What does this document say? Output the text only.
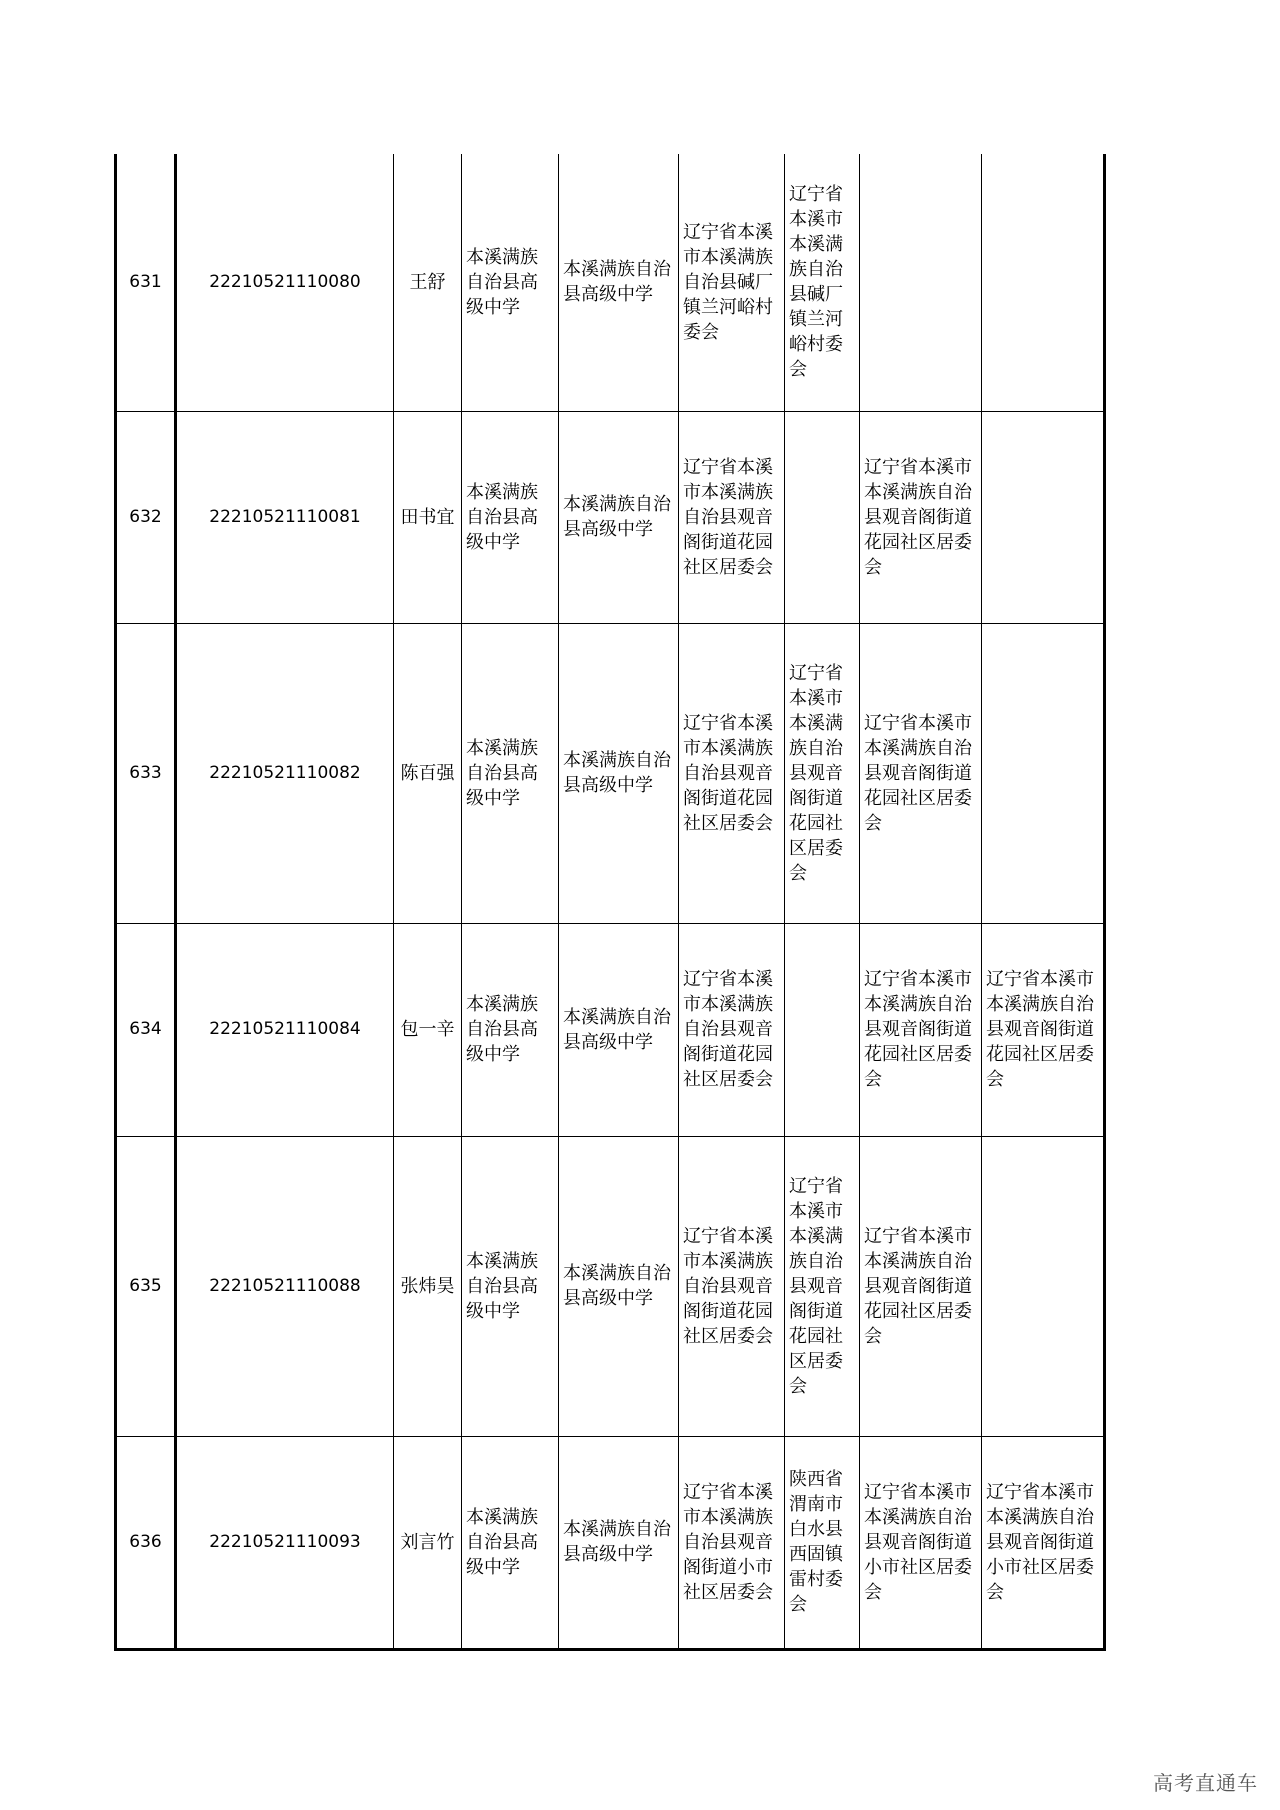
631	22210521110080	王舒	本溪满族自治县高级中学	本溪满族自治县高级中学	辽宁省本溪市本溪满族自治县碱厂镇兰河峪村委会	辽宁省本溪市本溪满族自治县碱厂镇兰河峪村委会		
632	22210521110081	田书宜	本溪满族自治县高级中学	本溪满族自治县高级中学	辽宁省本溪市本溪满族自治县观音阁街道花园社区居委会		辽宁省本溪市本溪满族自治县观音阁街道花园社区居委会	
633	22210521110082	陈百强	本溪满族自治县高级中学	本溪满族自治县高级中学	辽宁省本溪市本溪满族自治县观音阁街道花园社区居委会	辽宁省本溪市本溪满族自治县观音阁街道花园社区居委会	辽宁省本溪市本溪满族自治县观音阁街道花园社区居委会	
634	22210521110084	包一辛	本溪满族自治县高级中学	本溪满族自治县高级中学	辽宁省本溪市本溪满族自治县观音阁街道花园社区居委会		辽宁省本溪市本溪满族自治县观音阁街道花园社区居委会	辽宁省本溪市本溪满族自治县观音阁街道花园社区居委会
635	22210521110088	张炜昊	本溪满族自治县高级中学	本溪满族自治县高级中学	辽宁省本溪市本溪满族自治县观音阁街道花园社区居委会	辽宁省本溪市本溪满族自治县观音阁街道花园社区居委会	辽宁省本溪市本溪满族自治县观音阁街道花园社区居委会	
636	22210521110093	刘言竹	本溪满族自治县高级中学	本溪满族自治县高级中学	辽宁省本溪市本溪满族自治县观音阁街道小市社区居委会	陕西省渭南市白水县西固镇雷村委会	辽宁省本溪市本溪满族自治县观音阁街道小市社区居委会	辽宁省本溪市本溪满族自治县观音阁街道小市社区居委会
高考直通车
